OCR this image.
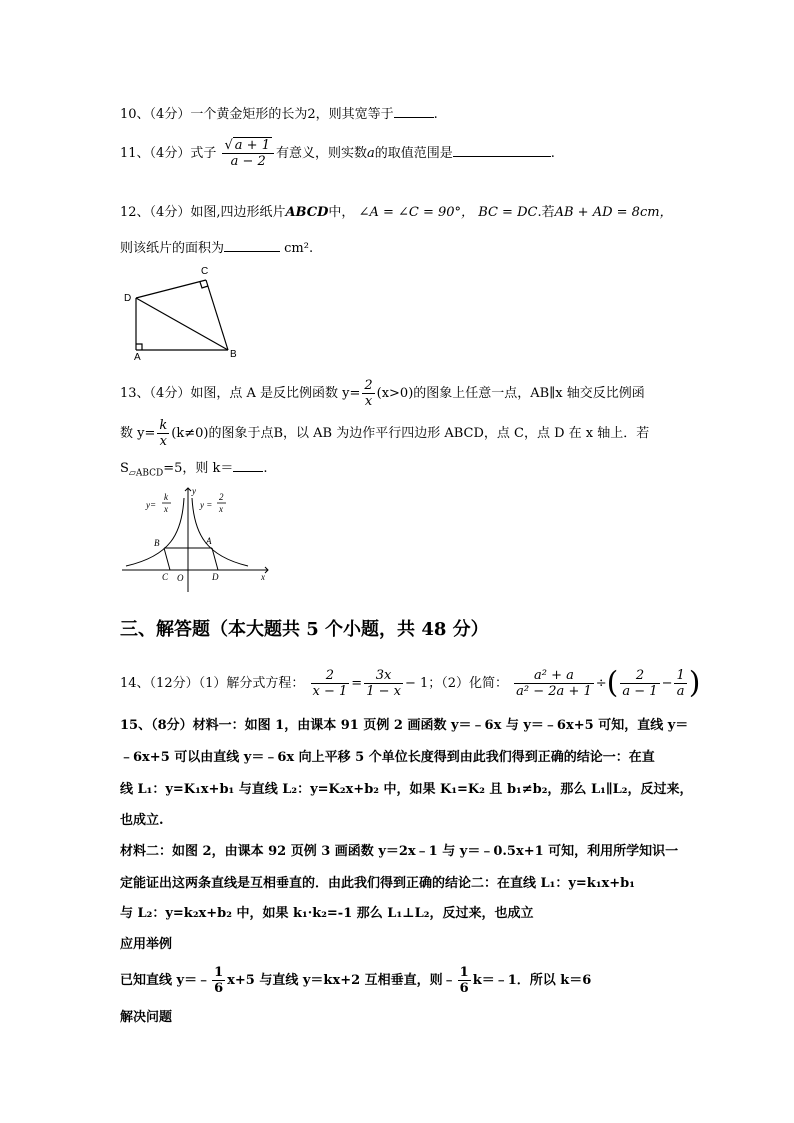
10、（4分）一个黄金矩形的长为2，则其宽等于	.
11、（4分）式子 $\frac{√ a + 1}{a - 2}$ 有意义，则实数a的取值范围是	.
12、（4分）如图,四边形纸片ABCD中， ∠A = ∠C = 90°， BC = DC.若AB + AD = 8cm，
则该纸片的面积为	cm².
A	B
C
D
13、（4分）如图，点 A 是反比例函数 $y= \frac{2}{x} (x>0)$的图象上任意一点，AB∥x 轴交反比例函
数 $y= \frac{k}{x} (k\ne 0)$的图象于点B，以 AB 为边作平行四边形 ABCD，点 C，点 D 在 x 轴上．若
$S_{▱ABCD}=5$，则 k＝ .
y=
k
x	y =
2
x
y
x
B	A
C O	D
三、解答题（本大题共 5 个小题，共 48 分）
14、（12分）（1）解分式方程： $\frac{2}{x - 1} = \frac{3x}{1 - x} - 1$；（2）化简： $\frac{\text{a² + a}}{\text{a² − 2a + 1}}$ ÷( $\frac{2}{a - 1} - \frac{1}{a}$ )
15、（8分）材料一：如图 1，由课本 91 页例 2 画函数 y＝﹣6x 与 y＝﹣6x+5 可知，直线 y＝
﹣6x+5 可以由直线 y＝﹣6x 向上平移 5 个单位长度得到由此我们得到正确的结论一：在直
线 L₁：y=K₁x+b₁ 与直线 L₂：y=K₂x+b₂ 中，如果 K₁=K₂ 且 b₁≠b₂，那么 L₁∥L₂，反过来，
也成立.
材料二：如图 2，由课本 92 页例 3 画函数 y＝2x﹣1 与 y＝﹣0.5x+1 可知，利用所学知识一
定能证出这两条直线是互相垂直的．由此我们得到正确的结论二：在直线 L₁：y=k₁x+b₁
与 L₂：y=k₂x+b₂ 中，如果 k₁·k₂=-1 那么 L₁⊥L₂，反过来，也成立
应用举例
已知直线 y＝﹣ $\frac{1}{6} x+5$ 与直线 y＝kx+2 互相垂直，则﹣ $\frac{1}{6}$ k＝﹣1．所以 k＝6
解决问题
